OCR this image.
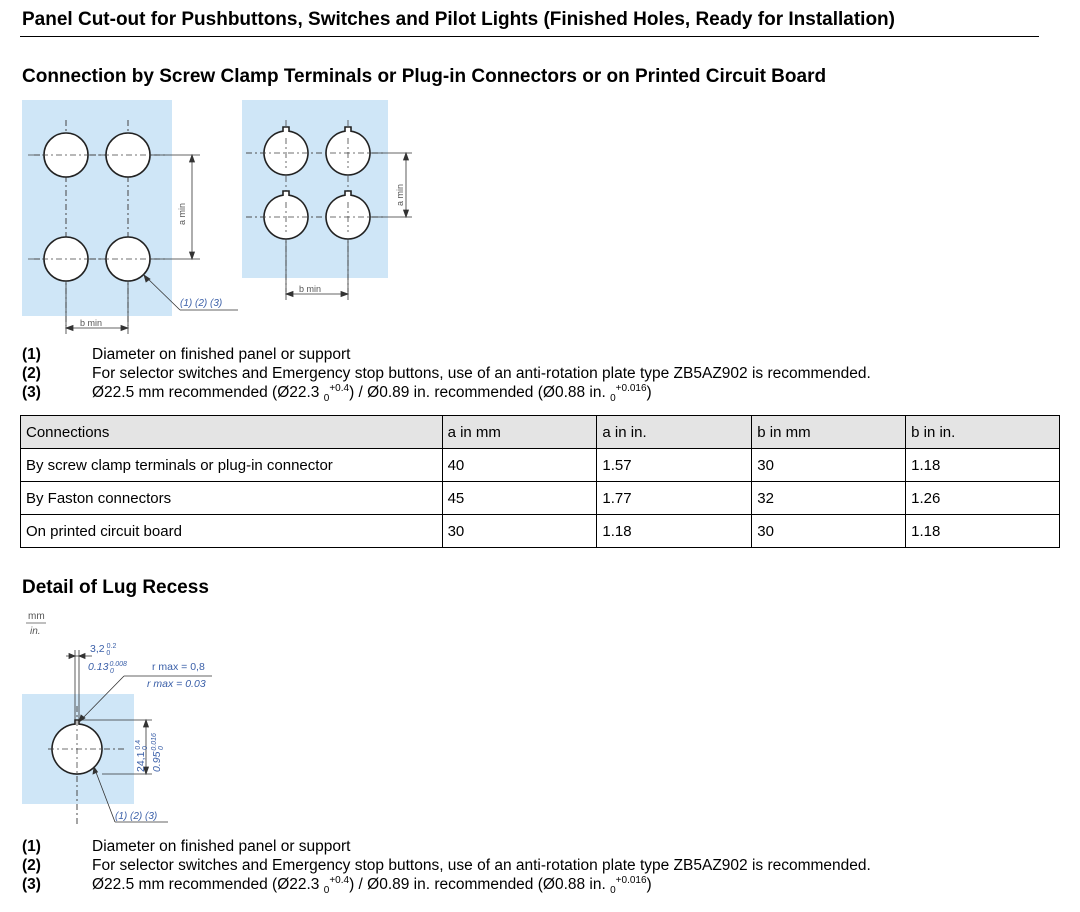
Panel Cut-out for Pushbuttons, Switches and Pilot Lights (Finished Holes, Ready for Installation)
Connection by Screw Clamp Terminals or Plug-in Connectors or on Printed Circuit Board
a min
b min
(1) (2) (3)
a min
b min
(1)	Diameter on finished panel or support
(2)	For selector switches and Emergency stop buttons, use of an anti-rotation plate type ZB5AZ902 is recommended.
(3)	Ø22.5 mm recommended (Ø22.3 $_0^{+0.4}$) / Ø0.89 in. recommended (Ø0.88 in. $_0^{+0.016}$)
Connections	a in mm	a in in.	b in mm	b in in.
By screw clamp terminals or plug-in connector	40	1.57	30	1.18
By Faston connectors	45	1.77	32	1.26
On printed circuit board	30	1.18	30	1.18
Detail of Lug Recess
mm
in.
3,2 $^{0.2}$ 0
$0.13^{0.008}$ 0	r max = 0,8
r max = 0.03
$24,1^{0.4}0$
$0.95^{0.016}0$
(1) (2) (3)
(1)	Diameter on finished panel or support
(2)	For selector switches and Emergency stop buttons, use of an anti-rotation plate type ZB5AZ902 is recommended.
(3)	Ø22.5 mm recommended (Ø22.3 $_0^{+0.4}$) / Ø0.89 in. recommended (Ø0.88 in. $_0^{+0.016}$)
